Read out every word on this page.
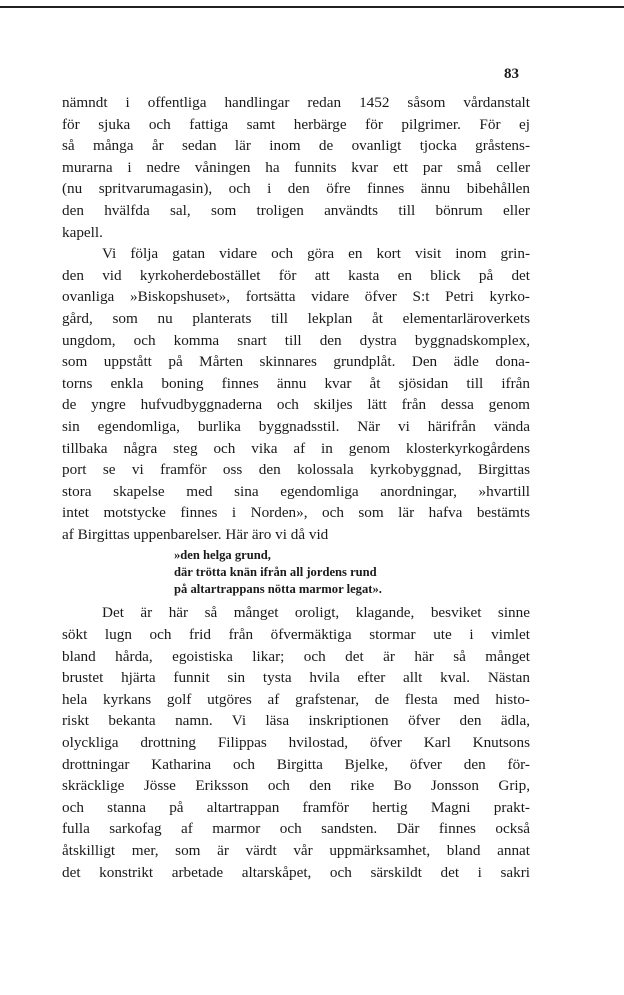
83
nämndt i offentliga handlingar redan 1452 såsom vårdanstalt
för sjuka och fattiga samt herbärge för pilgrimer. För ej
så många år sedan lär inom de ovanligt tjocka gråstens-
murarna i nedre våningen ha funnits kvar ett par små celler
(nu spritvarumagasin), och i den öfre finnes ännu bibehållen
den hvälfda sal, som troligen användts till bönrum eller
kapell.
Vi följa gatan vidare och göra en kort visit inom grin-
den vid kyrkoherdebostället för att kasta en blick på det
ovanliga »Biskopshuset», fortsätta vidare öfver S:t Petri kyrko-
gård, som nu planterats till lekplan åt elementarläroverkets
ungdom, och komma snart till den dystra byggnadskomplex,
som uppstått på Mårten skinnares grundplåt. Den ädle dona-
torns enkla boning finnes ännu kvar åt sjösidan till ifrån
de yngre hufvudbyggnaderna och skiljes lätt från dessa genom
sin egendomliga, burlika byggnadsstil. När vi härifrån vända
tillbaka några steg och vika af in genom klosterkyrkogårdens
port se vi framför oss den kolossala kyrkobyggnad, Birgittas
stora skapelse med sina egendomliga anordningar, »hvartill
intet motstycke finnes i Norden», och som lär hafva bestämts
af Birgittas uppenbarelser. Här äro vi då vid
»den helga grund,
där trötta knän ifrån all jordens rund
på altartrappans nötta marmor legat».
Det är här så månget oroligt, klagande, besviket sinne
sökt lugn och frid från öfvermäktiga stormar ute i vimlet
bland hårda, egoistiska likar; och det är här så månget
brustet hjärta funnit sin tysta hvila efter allt kval. Nästan
hela kyrkans golf utgöres af grafstenar, de flesta med histo-
riskt bekanta namn. Vi läsa inskriptionen öfver den ädla,
olyckliga drottning Filippas hvilostad, öfver Karl Knutsons
drottningar Katharina och Birgitta Bjelke, öfver den för-
skräcklige Jösse Eriksson och den rike Bo Jonsson Grip,
och stanna på altartrappan framför hertig Magni prakt-
fulla sarkofag af marmor och sandsten. Där finnes också
åtskilligt mer, som är värdt vår uppmärksamhet, bland annat
det konstrikt arbetade altarskåpet, och särskildt det i sakri
